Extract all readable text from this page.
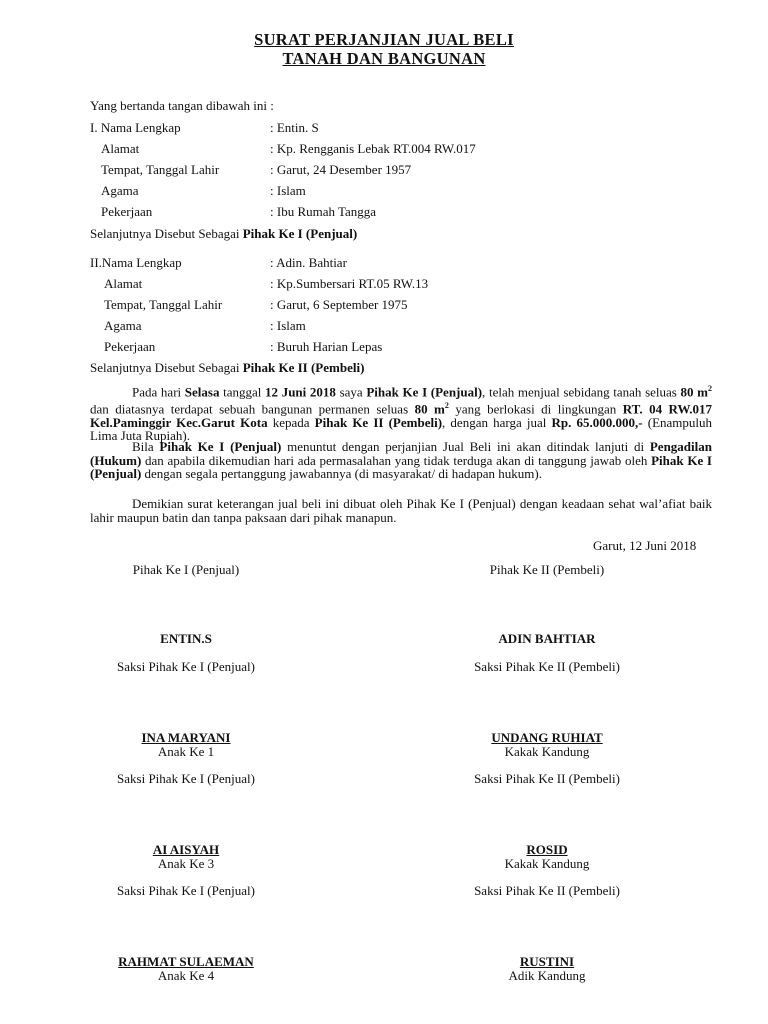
SURAT PERJANJIAN JUAL BELI
TANAH DAN BANGUNAN
Yang bertanda tangan dibawah ini :
I. Nama Lengkap	: Entin. S
Alamat	: Kp. Rengganis Lebak RT.004 RW.017
Tempat, Tanggal Lahir	: Garut, 24 Desember 1957
Agama	: Islam
Pekerjaan	: Ibu Rumah Tangga
Selanjutnya Disebut Sebagai Pihak Ke I (Penjual)
II.Nama Lengkap	: Adin. Bahtiar
Alamat	: Kp.Sumbersari RT.05 RW.13
Tempat, Tanggal Lahir	: Garut, 6 September 1975
Agama	: Islam
Pekerjaan	: Buruh Harian Lepas
Selanjutnya Disebut Sebagai Pihak Ke II (Pembeli)
Pada hari Selasa tanggal 12 Juni 2018 saya Pihak Ke I (Penjual), telah menjual sebidang tanah seluas 80 $m^2$ dan diatasnya terdapat sebuah bangunan permanen seluas 80 $m^2$ yang berlokasi di lingkungan RT. 04 RW.017 Kel.Paminggir Kec.Garut Kota kepada Pihak Ke II (Pembeli), dengan harga jual Rp. 65.000.000,- (Enampuluh Lima Juta Rupiah).
Bila Pihak Ke I (Penjual) menuntut dengan perjanjian Jual Beli ini akan ditindak lanjuti di Pengadilan (Hukum) dan apabila dikemudian hari ada permasalahan yang tidak terduga akan di tanggung jawab oleh Pihak Ke I (Penjual) dengan segala pertanggung jawabannya (di masyarakat/ di hadapan hukum).
Demikian surat keterangan jual beli ini dibuat oleh Pihak Ke I (Penjual) dengan keadaan sehat wal’afiat baik lahir maupun batin dan tanpa paksaan dari pihak manapun.
Garut, 12 Juni 2018
Pihak Ke I (Penjual)	Pihak Ke II (Pembeli)
ENTIN.S	ADIN BAHTIAR
Saksi Pihak Ke I (Penjual)	Saksi Pihak Ke II (Pembeli)
INA MARYANI	UNDANG RUHIAT
Anak Ke 1	Kakak Kandung
Saksi Pihak Ke I (Penjual)	Saksi Pihak Ke II (Pembeli)
AI AISYAH	ROSID
Anak Ke 3	Kakak Kandung
Saksi Pihak Ke I (Penjual)	Saksi Pihak Ke II (Pembeli)
RAHMAT SULAEMAN	RUSTINI
Anak Ke 4	Adik Kandung
